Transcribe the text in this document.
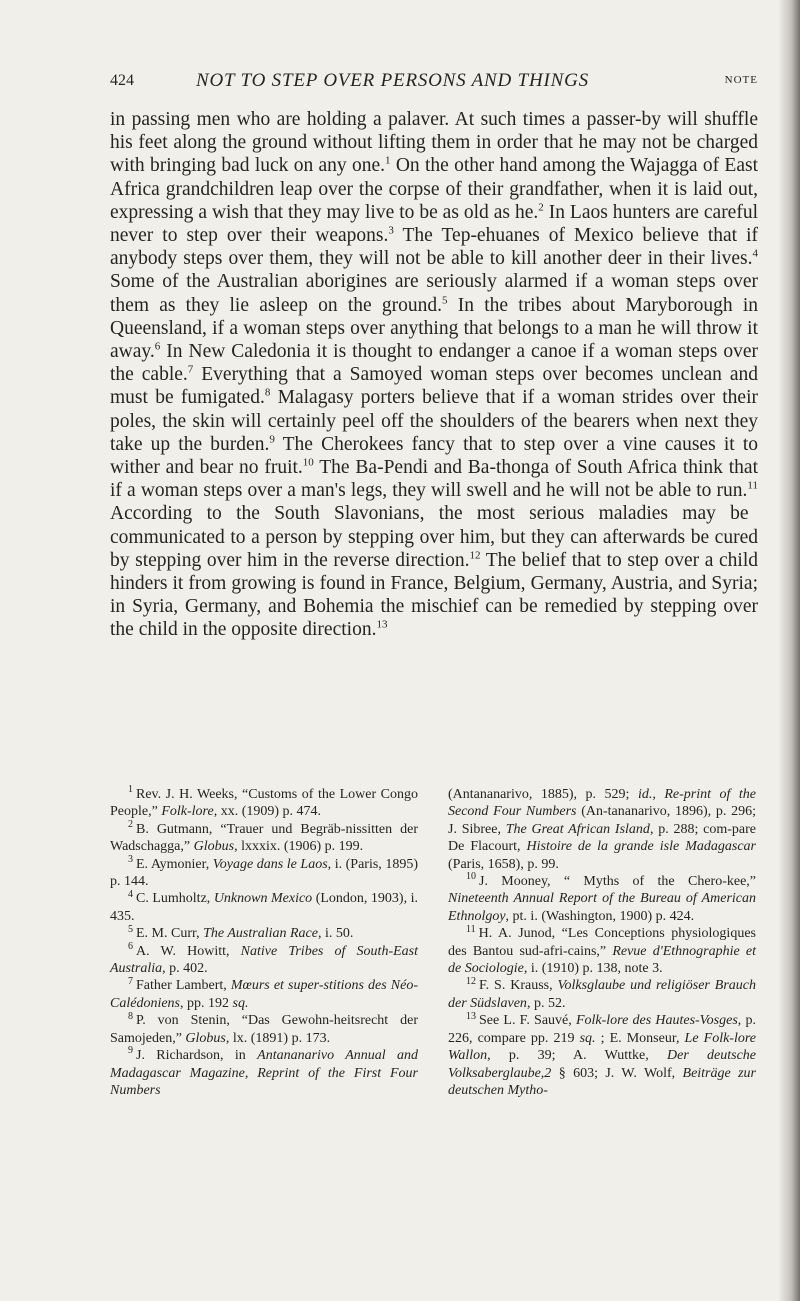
424	NOT TO STEP OVER PERSONS AND THINGS	NOTE
in passing men who are holding a palaver. At such times a passer-by will shuffle his feet along the ground without lifting them in order that he may not be charged with bringing bad luck on any one.$^1$ On the other hand among the Wajagga of East Africa grandchildren leap over the corpse of their grandfather, when it is laid out, expressing a wish that they may live to be as old as he.$^2$ In Laos hunters are careful never to step over their weapons.$^3$ The Tep-ehuanes of Mexico believe that if anybody steps over them, they will not be able to kill another deer in their lives.$^4$ Some of the Australian aborigines are seriously alarmed if a woman steps over them as they lie asleep on the ground.$^5$ In the tribes about Maryborough in Queensland, if a woman steps over anything that belongs to a man he will throw it away.$^6$ In New Caledonia it is thought to endanger a canoe if a woman steps over the cable.$^7$ Everything that a Samoyed woman steps over becomes unclean and must be fumigated.$^8$ Malagasy porters believe that if a woman strides over their poles, the skin will certainly peel off the shoulders of the bearers when next they take up the burden.$^9$ The Cherokees fancy that to step over a vine causes it to wither and bear no fruit.$^{10}$ The Ba-Pendi and Ba-thonga of South Africa think that if a woman steps over a man's legs, they will swell and he will not be able to run.$^{11}$ According to the South Slavonians, the most serious maladies may be communicated to a person by stepping over him, but they can afterwards be cured by stepping over him in the reverse direction.$^{12}$ The belief that to step over a child hinders it from growing is found in France, Belgium, Germany, Austria, and Syria; in Syria, Germany, and Bohemia the mischief can be remedied by stepping over the child in the opposite direction.$^{13}$

$^1$ Rev. J. H. Weeks, “Customs of the Lower Congo People,” Folk-lore, xx. (1909) p. 474.

$^2$ B. Gutmann, “Trauer und Begräb-nissitten der Wadschagga,” Globus, lxxxix. (1906) p. 199.

$^3$ E. Aymonier, Voyage dans le Laos, i. (Paris, 1895) p. 144.

$^4$ C. Lumholtz, Unknown Mexico (London, 1903), i. 435.

$^5$ E. M. Curr, The Australian Race, i. 50.

$^6$ A. W. Howitt, Native Tribes of South-East Australia, p. 402.

$^7$ Father Lambert, Mœurs et super-stitions des Néo-Calédoniens, pp. 192 sq.

$^8$ P. von Stenin, “Das Gewohn-heitsrecht der Samojeden,” Globus, lx. (1891) p. 173.

$^9$ J. Richardson, in Antananarivo Annual and Madagascar Magazine, Reprint of the First Four Numbers

(Antananarivo, 1885), p. 529; id., Re-print of the Second Four Numbers (An-tananarivo, 1896), p. 296; J. Sibree, The Great African Island, p. 288; com-pare De Flacourt, Histoire de la grande isle Madagascar (Paris, 1658), p. 99.

$^{10}$ J. Mooney, “ Myths of the Chero-kee,” Nineteenth Annual Report of the Bureau of American Ethnolgoy, pt. i. (Washington, 1900) p. 424.

$^{11}$ H. A. Junod, “Les Conceptions physiologiques des Bantou sud-afri-cains,” Revue d'Ethnographie et de Sociologie, i. (1910) p. 138, note 3.

$^{12}$ F. S. Krauss, Volksglaube und religiöser Brauch der Südslaven, p. 52.

$^{13}$ See L. F. Sauvé, Folk-lore des Hautes-Vosges, p. 226, compare pp. 219 sq. ; E. Monseur, Le Folk-lore Wallon, p. 39; A. Wuttke, Der deutsche Volksaberglaube,2 § 603; J. W. Wolf, Beiträge zur deutschen Mytho-
